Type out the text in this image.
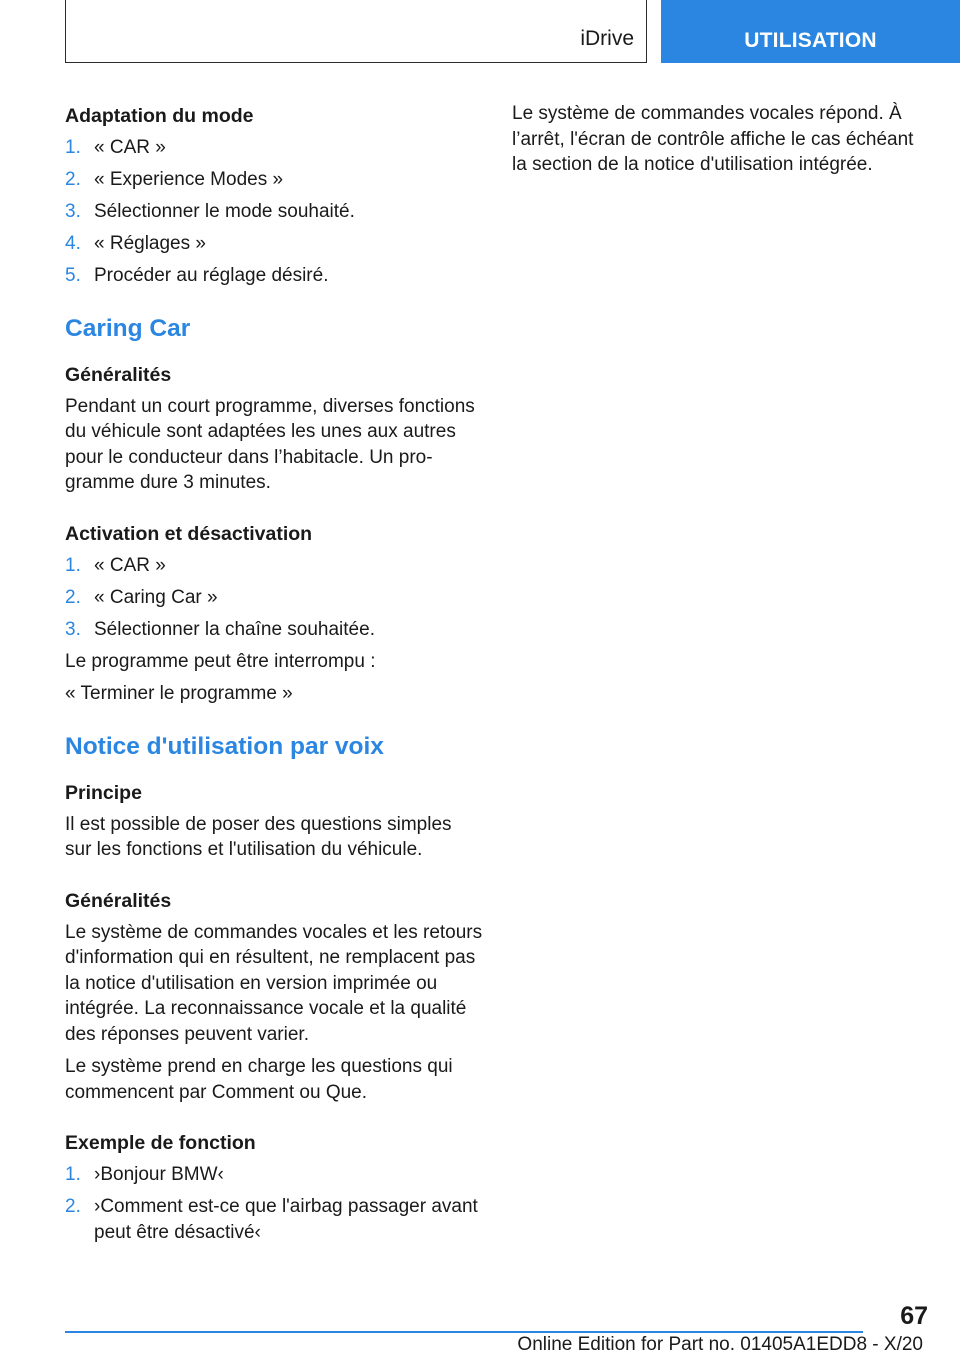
iDrive	UTILISATION
Adaptation du mode
1. « CAR »
2. « Experience Modes »
3. Sélectionner le mode souhaité.
4. « Réglages »
5. Procéder au réglage désiré.
Caring Car
Généralités

Pendant un court programme, diverses fonctions du véhicule sont adaptées les unes aux autres pour le conducteur dans l’habitacle. Un programme dure 3 minutes.

Activation et désactivation
1. « CAR »
2. « Caring Car »
3. Sélectionner la chaîne souhaitée.

Le programme peut être interrompu :

« Terminer le programme »

Notice d'utilisation par voix
Principe

Il est possible de poser des questions simples sur les fonctions et l'utilisation du véhicule.

Généralités

Le système de commandes vocales et les retours d'information qui en résultent, ne remplacent pas la notice d'utilisation en version imprimée ou intégrée. La reconnaissance vocale et la qualité des réponses peuvent varier.

Le système prend en charge les questions qui commencent par Comment ou Que.

Exemple de fonction
1. ›Bonjour BMW‹
2. ›Comment est-ce que l'airbag passager avant peut être désactivé‹

Le système de commandes vocales répond. À l’arrêt, l'écran de contrôle affiche le cas échéant la section de la notice d'utilisation intégrée.

67
Online Edition for Part no. 01405A1EDD8 - X/20
